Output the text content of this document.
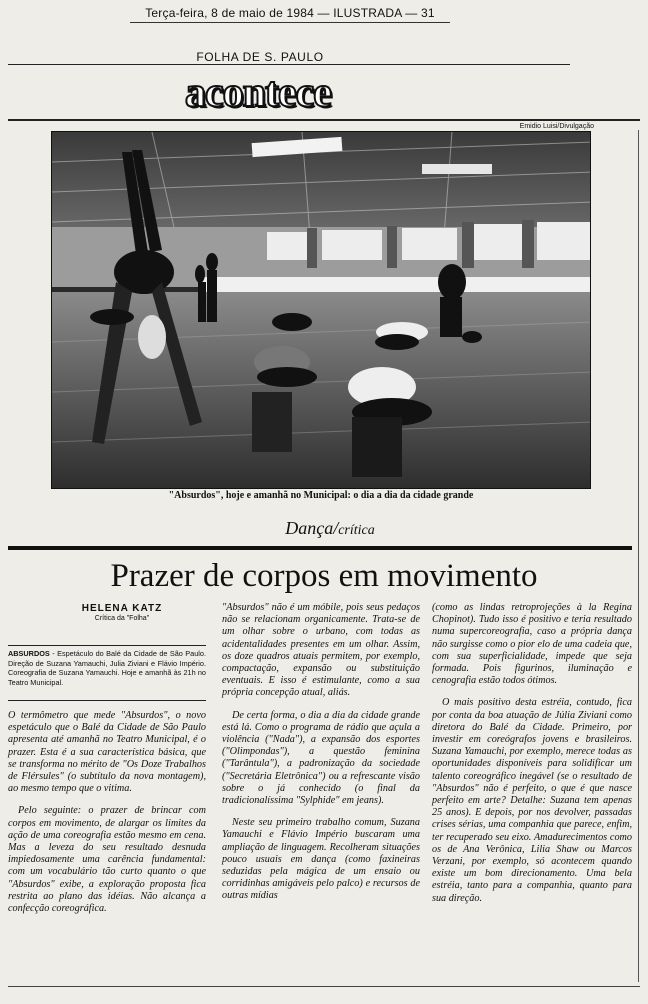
Terça-feira, 8 de maio de 1984 — ILUSTRADA — 31
FOLHA DE S. PAULO
acontece
Emidio Luisi/Divulgação
"Absurdos", hoje e amanhã no Municipal: o dia a dia da cidade grande
Dança/crítica
Prazer de corpos em movimento
HELENA KATZ
Crítica da "Folha"
ABSURDOS - Espetáculo do Balé da Cidade de São Paulo. Direção de Suzana Yamauchi, Julia Ziviani e Flávio Império. Coreografia de Suzana Yamauchi. Hoje e amanhã às 21h no Teatro Municipal.

O termômetro que mede "Absurdos", o novo espetáculo que o Balé da Cidade de São Paulo apresenta até amanhã no Teatro Municipal, é o prazer. Esta é a sua característica básica, que se transforma no mérito de "Os Doze Trabalhos de Flérsules" (o subtítulo da nova montagem), ao mesmo tempo que o vitima.

Pelo seguinte: o prazer de brincar com corpos em movimento, de alargar os limites da ação de uma coreografia estão mesmo em cena. Mas a leveza do seu resultado desnuda impiedosamente uma carência fundamental: com um vocabulário tão curto quanto o que "Absurdos" exibe, a exploração proposta fica restrita ao plano das idéias. Não alcança a confecção coreográfica.

"Absurdos" não é um móbile, pois seus pedaços não se relacionam organicamente. Trata-se de um olhar sobre o urbano, com todas as acidentalidades presentes em um olhar. Assim, os doze quadros atuais permitem, por exemplo, compactação, expansão ou substituição eventuais. E isso é estimulante, como a sua própria concepção atual, aliás.

De certa forma, o dia a dia da cidade grande está lá. Como o programa de rádio que açula a violência ("Nada"), a expansão dos esportes ("Olimpondas"), a questão feminina ("Tarântula"), a padronização da sociedade ("Secretária Eletrônica") ou a refrescante visão sobre o já conhecido (o final da tradicionalíssima "Sylphide" em jeans).

Neste seu primeiro trabalho comum, Suzana Yamauchi e Flávio Império buscaram uma ampliação de linguagem. Recolheram situações pouco usuais em dança (como faxineiras seduzidas pela mágica de um ensaio ou corridinhas amigáveis pelo palco) e recursos de outras mídias

(como as lindas retroprojeções à la Regina Chopinot). Tudo isso é positivo e teria resultado numa supercoreografia, caso a própria dança não surgisse como o pior elo de uma cadeia que, com sua superficialidade, impede que seja formada. Pois figurinos, iluminação e cenografia estão todos ótimos.

O mais positivo desta estréia, contudo, fica por conta da boa atuação de Júlia Ziviani como diretora do Balé da Cidade. Primeiro, por investir em coreógrafos jovens e brasileiros. Suzana Yamauchi, por exemplo, merece todas as oportunidades disponíveis para solidificar um talento coreográfico inegável (se o resultado de "Absurdos" não é perfeito, o que é que nasce perfeito em arte? Detalhe: Suzana tem apenas 25 anos). E depois, por nos devolver, passadas crises sérias, uma companhia que parece, enfim, ter recuperado seu eixo. Amadurecimentos como os de Ana Verônica, Lilia Shaw ou Marcos Verzani, por exemplo, só acontecem quando existe um bom direcionamento. Uma bela estréia, tanto para a companhia, quanto para sua direção.
